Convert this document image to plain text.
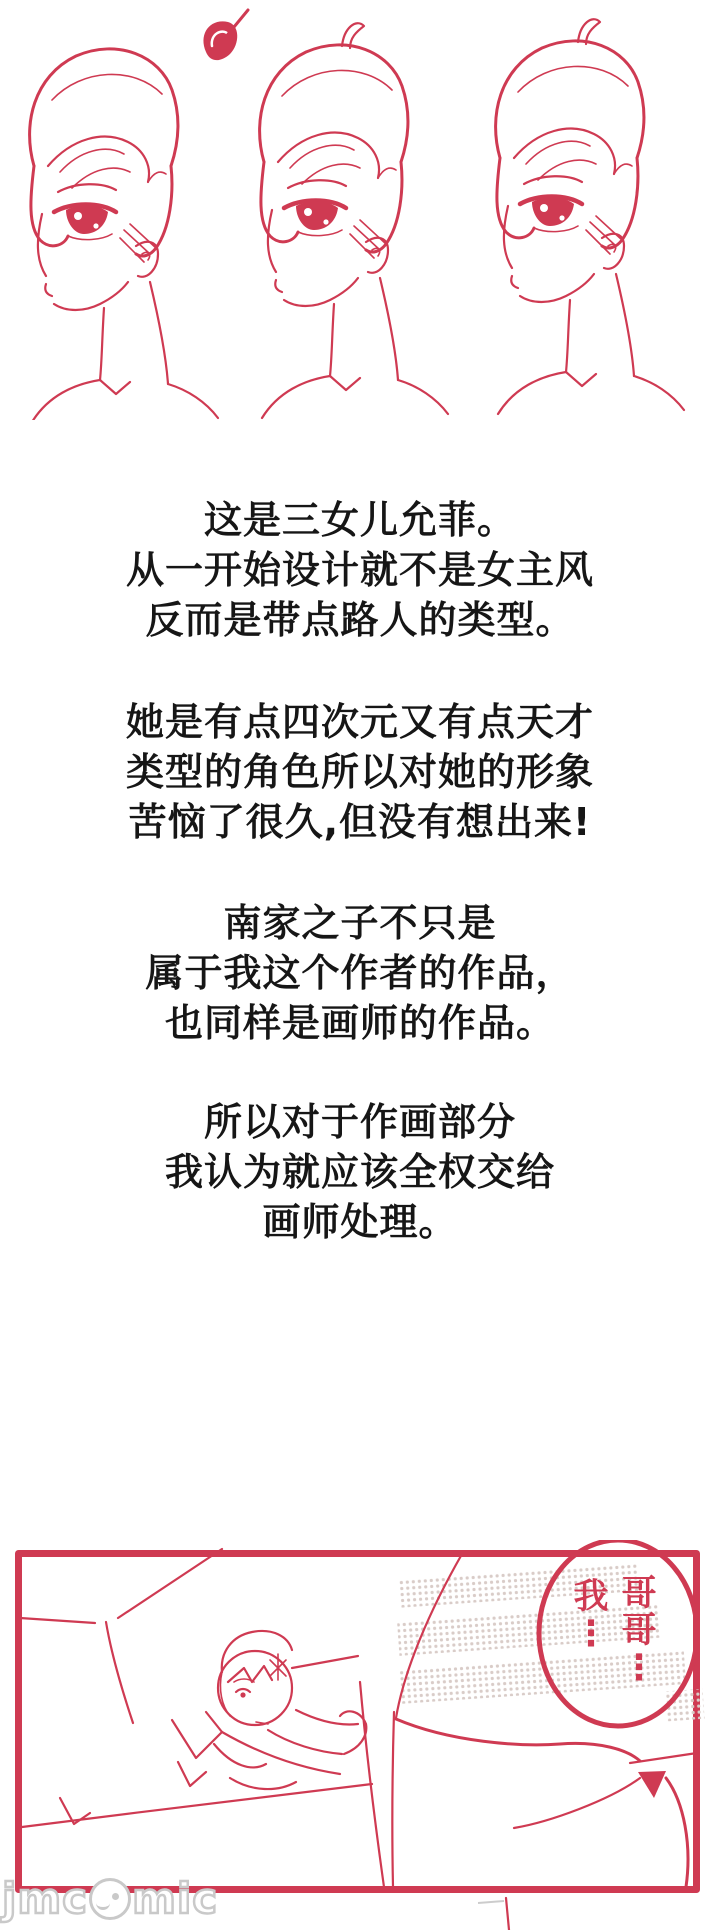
这是三女儿允菲。
从一开始设计就不是女主风
反而是带点路人的类型。
她是有点四次元又有点天才
类型的角色所以对她的形象
苦恼了很久,但没有想出来!
南家之子不只是
属于我这个作者的作品，
也同样是画师的作品。
所以对于作画部分
我认为就应该全权交给
画师处理。
哥哥⋮
我⋮
jmc mic
